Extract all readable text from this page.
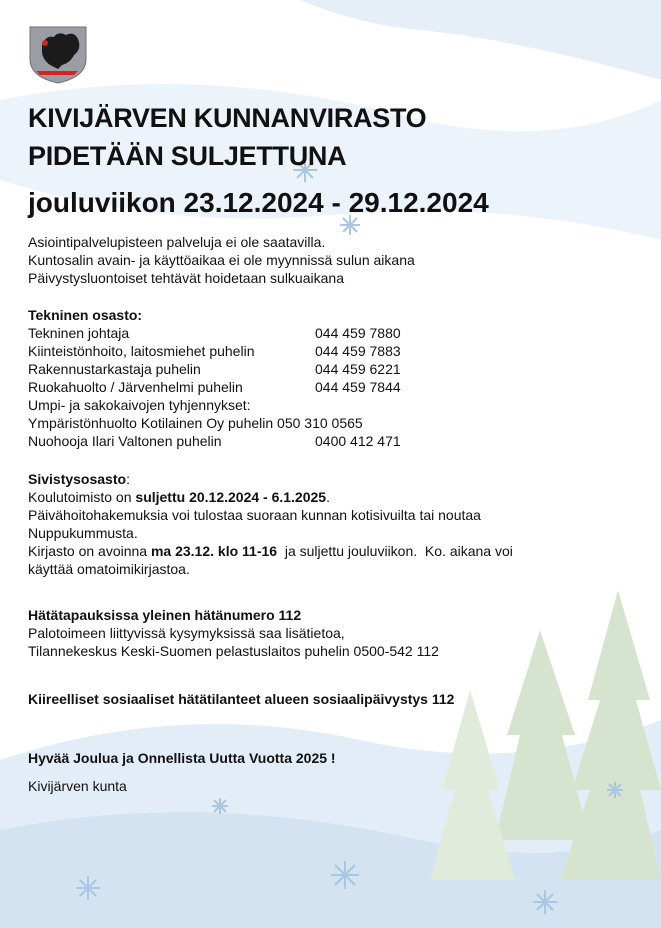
KIVIJÄRVEN KUNNANVIRASTO
PIDETÄÄN SULJETTUNA
jouluviikon 23.12.2024 - 29.12.2024
Asiointipalvelupisteen palveluja ei ole saatavilla.
Kuntosalin avain- ja käyttöaikaa ei ole myynnissä sulun aikana
Päivystysluontoiset tehtävät hoidetaan sulkuaikana
Tekninen osasto:
Tekninen johtaja	044 459 7880
Kiinteistönhoito, laitosmiehet puhelin	044 459 7883
Rakennustarkastaja puhelin	044 459 6221
Ruokahuolto / Järvenhelmi puhelin	044 459 7844
Umpi- ja sakokaivojen tyhjennykset:
Ympäristönhuolto Kotilainen Oy puhelin 050 310 0565
Nuohooja Ilari Valtonen puhelin	0400 412 471
Sivistysosasto:
Koulutoimisto on suljettu 20.12.2024 - 6.1.2025.
Päivähoitohakemuksia voi tulostaa suoraan kunnan kotisivuilta tai noutaa
Nuppukummusta.
Kirjasto on avoinna ma 23.12. klo 11-16  ja suljettu jouluviikon.  Ko. aikana voi
käyttää omatoimikirjastoa.
Hätätapauksissa yleinen hätänumero 112
Palotoimeen liittyvissä kysymyksissä saa lisätietoa,
Tilannekeskus Keski-Suomen pelastuslaitos puhelin 0500-542 112
Kiireelliset sosiaaliset hätätilanteet alueen sosiaalipäivystys 112
Hyvää Joulua ja Onnellista Uutta Vuotta 2025 !
Kivijärven kunta
